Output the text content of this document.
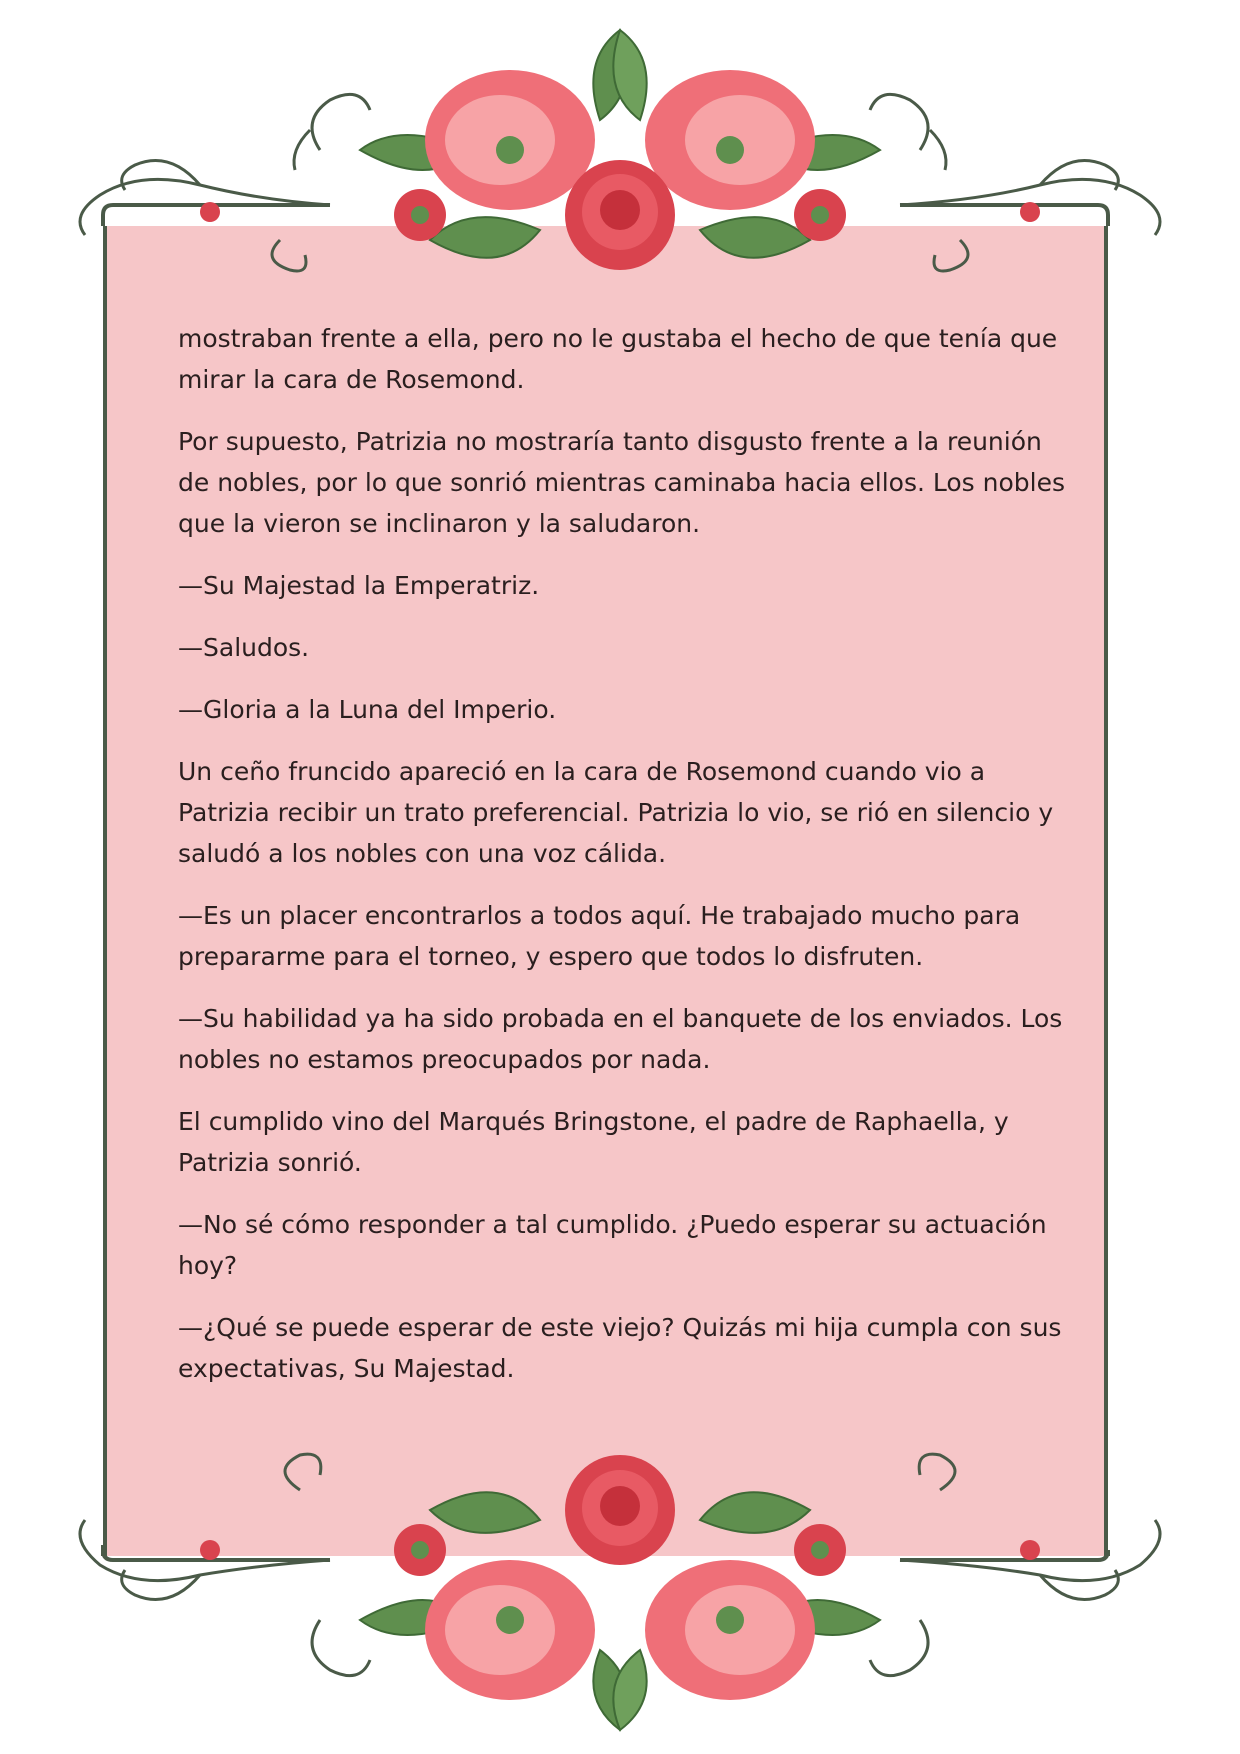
mostraban frente a ella, pero no le gustaba el hecho de que tenía que mirar la cara de Rosemond.

Por supuesto, Patrizia no mostraría tanto disgusto frente a la reunión de nobles, por lo que sonrió mientras caminaba hacia ellos. Los nobles que la vieron se inclinaron y la saludaron.

—Su Majestad la Emperatriz.

—Saludos.

—Gloria a la Luna del Imperio.

Un ceño fruncido apareció en la cara de Rosemond cuando vio a Patrizia recibir un trato preferencial. Patrizia lo vio, se rió en silencio y saludó a los nobles con una voz cálida.

—Es un placer encontrarlos a todos aquí. He trabajado mucho para prepararme para el torneo, y espero que todos lo disfruten.

—Su habilidad ya ha sido probada en el banquete de los enviados. Los nobles no estamos preocupados por nada.

El cumplido vino del Marqués Bringstone, el padre de Raphaella, y Patrizia sonrió.

—No sé cómo responder a tal cumplido. ¿Puedo esperar su actuación hoy?

—¿Qué se puede esperar de este viejo? Quizás mi hija cumpla con sus expectativas, Su Majestad.
